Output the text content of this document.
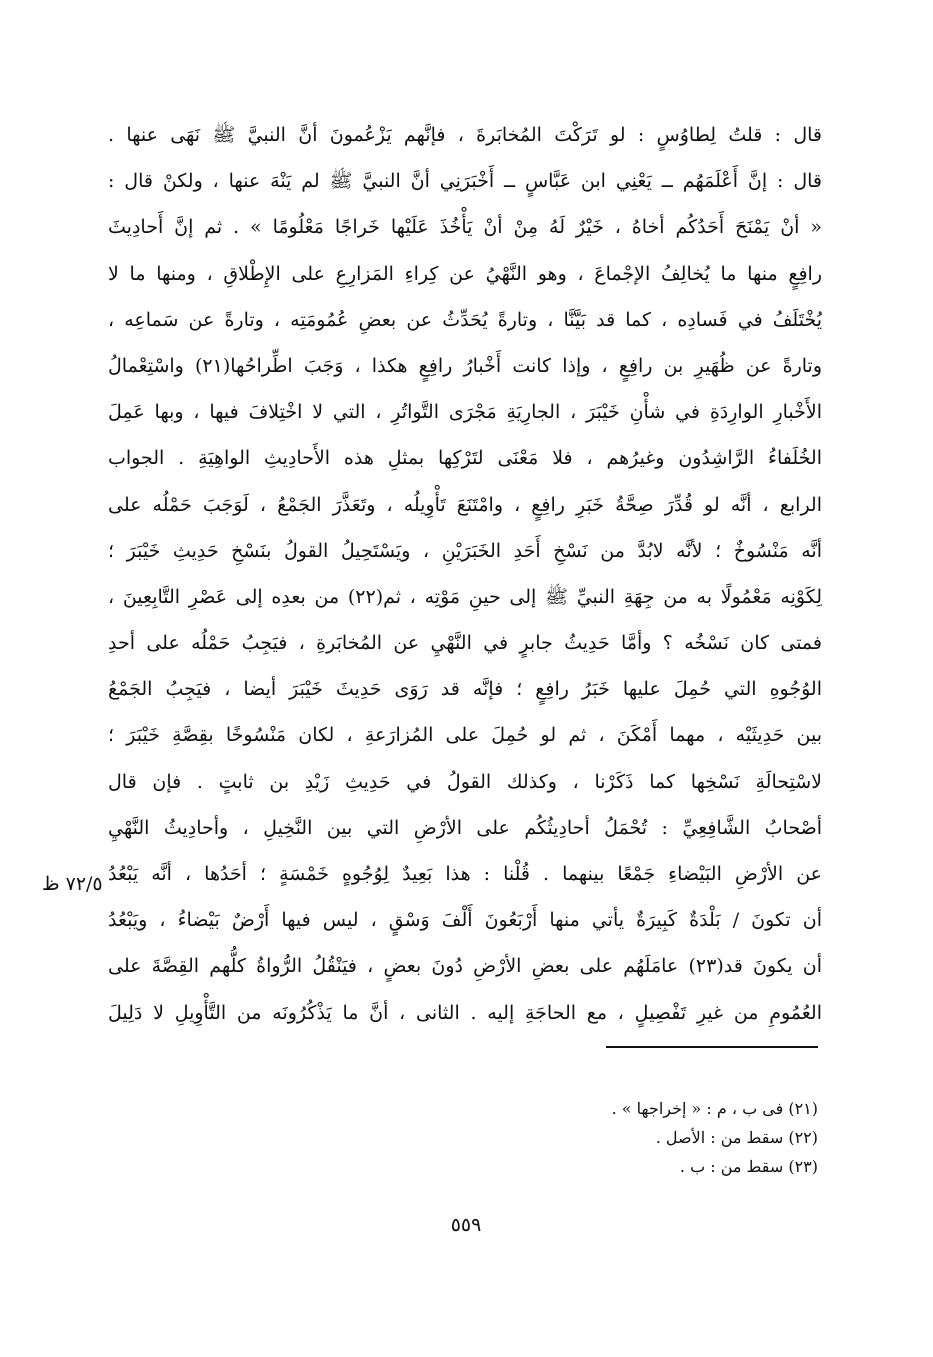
قال : قلتُ لِطاوُسٍ : لو تَرَكْتَ المُخابَرةَ ، فإنَّهم يَزْعُمونَ أنَّ النبيَّ ﷺ نَهَى عنها .
قال : إنَّ أَعْلَمَهُم ــ يَعْنِي ابن عَبَّاسٍ ــ أَخْبَرَنِي أنَّ النبيَّ ﷺ لم يَنْهَ عنها ، ولكنْ قال :
« أنْ يَمْنَحَ أَحَدُكُم أخاهُ ، خَيْرٌ لَهُ مِنْ أنْ يَأْخُذَ عَلَيْها خَراجًا مَعْلُومًا » . ثم إنَّ أَحادِيثَ
رافِعٍ منها ما يُخالِفُ الإجْماعَ ، وهو النَّهْيُ عن كِراءِ المَزارِعِ على الإِطْلاقِ ، ومنها ما لا
يُخْتَلَفُ في فَسادِه ، كما قد بَيَّنَّا ، وتارةً يُحَدِّثُ عن بعضِ عُمُومَتِه ، وتارةً عن سَماعِه ،
وتارةً عن ظُهَيرِ بن رافِعٍ ، وإذا كانت أَخْبارُ رافِعٍ هكذا ، وَجَبَ اطِّراحُها(٢١) واسْتِعْمالُ
الأَخْبارِ الوارِدَةِ في شأْنِ خَيْبَرَ ، الجارِيَةِ مَجْرَى التَّواتُرِ ، التي لا اخْتِلافَ فيها ، وبها عَمِلَ
الخُلَفاءُ الرَّاشِدُون وغيرُهم ، فلا مَعْنَى لتَرْكِها بمثلِ هذه الأَحادِيثِ الواهِيَةِ . الجواب
الرابع ، أنَّه لو قُدِّرَ صِحَّةُ خَبَرِ رافِعٍ ، وامْتَنَعَ تَأْوِيلُه ، وتَعَذَّرَ الجَمْعُ ، لَوَجَبَ حَمْلُه على
أنَّه مَنْسُوخٌ ؛ لأنَّه لابُدَّ من نَسْخِ أَحَدِ الخَبَرَيْنِ ، ويَسْتَحِيلُ القولُ بنَسْخِ حَدِيثِ خَيْبَرَ ؛
لِكَوْنِه مَعْمُولًا به من جِهَةِ النبيِّ ﷺ إلى حينِ مَوْتِه ، ثم(٢٢) من بعدِه إلى عَصْرِ التَّابِعِينَ ،
فمتى كان نَسْخُه ؟ وأمَّا حَدِيثُ جابرٍ في النَّهْيِ عن المُخابَرةِ ، فيَجِبُ حَمْلُه على أحدِ
الوُجُوهِ التي حُمِلَ عليها خَبَرُ رافِعٍ ؛ فإنَّه قد رَوَى حَدِيثَ خَيْبَرَ أيضا ، فيَجِبُ الجَمْعُ
بين حَدِيثَيْه ، مهما أَمْكَنَ ، ثم لو حُمِلَ على المُزارَعةِ ، لكان مَنْسُوخًا بقِصَّةِ خَيْبَرَ ؛
لاسْتِحالَةِ نَسْخِها كما ذَكَرْنا ، وكذلك القولُ في حَدِيثِ زَيْدِ بن ثابتٍ . فإن قال
أصْحابُ الشَّافِعِيِّ : تُحْمَلُ أحادِيثُكُم على الأرْضِ التي بين النَّخِيلِ ، وأحادِيثُ النَّهْيِ
عن الأرْضِ البَيْضاءِ جَمْعًا بينهما . قُلْنا : هذا بَعِيدٌ لِوُجُوهٍ خَمْسَةٍ ؛ أحَدُها ، أنَّه يَبْعُدُ
أن تكونَ / بَلْدَةٌ كَبِيرَةٌ يأتي منها أَرْبَعُونَ أَلْفَ وَسْقٍ ، ليس فيها أَرْضٌ بَيْضاءُ ، ويَبْعُدُ
أن يكونَ قد(٢٣) عامَلَهُم على بعضِ الأرْضِ دُونَ بعضٍ ، فيَنْقُلُ الرُّواةُ كلُّهم القِصَّةَ على
العُمُومِ من غيرِ تَفْصِيلٍ ، مع الحاجَةِ إليه . الثانى ، أنَّ ما يَذْكُرُونَه من التَّأْوِيلِ لا دَلِيلَ
٧٢/٥ ظ
(٢١) فى ب ، م : « إخراجها » .
(٢٢) سقط من : الأصل .
(٢٣) سقط من : ب .
٥٥٩
